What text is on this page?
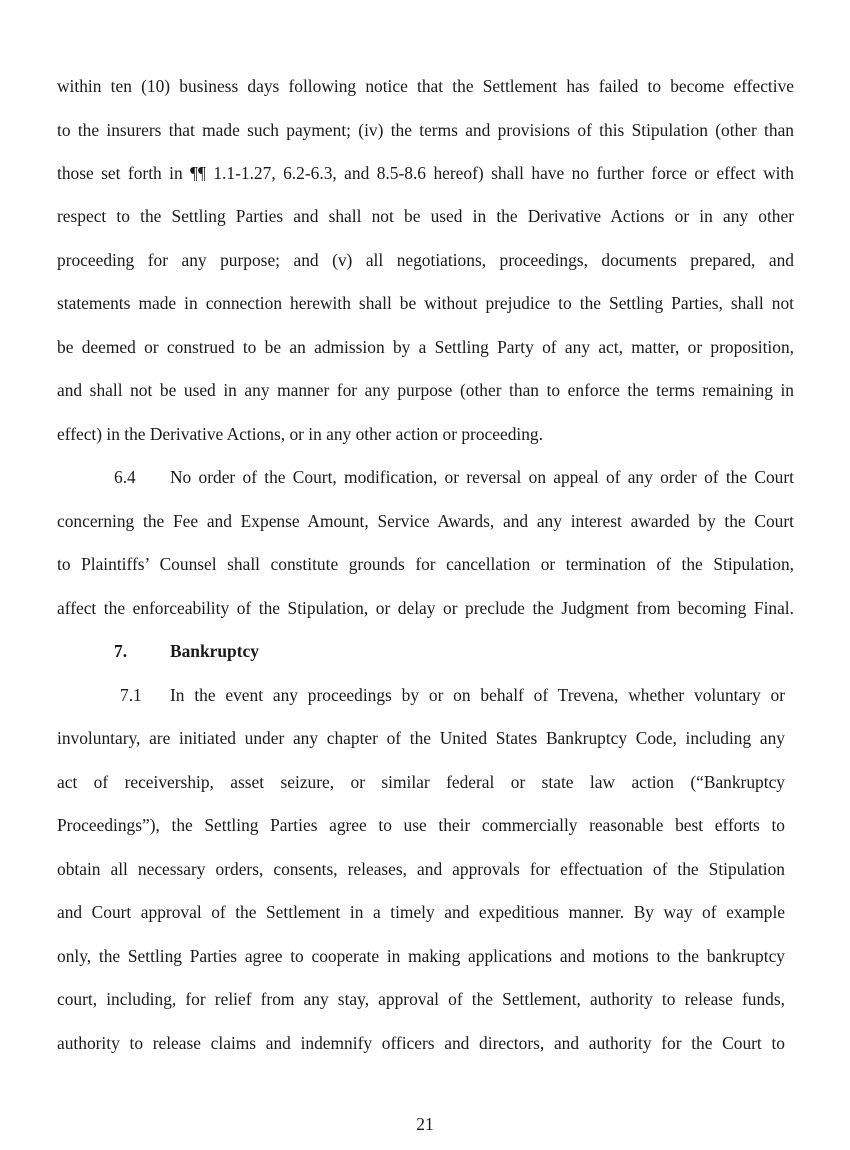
within ten (10) business days following notice that the Settlement has failed to become effective
to the insurers that made such payment; (iv) the terms and provisions of this Stipulation (other than
those set forth in ¶¶ 1.1-1.27, 6.2-6.3, and 8.5-8.6 hereof) shall have no further force or effect with
respect to the Settling Parties and shall not be used in the Derivative Actions or in any other
proceeding for any purpose; and (v) all negotiations, proceedings, documents prepared, and
statements made in connection herewith shall be without prejudice to the Settling Parties, shall not
be deemed or construed to be an admission by a Settling Party of any act, matter, or proposition,
and shall not be used in any manner for any purpose (other than to enforce the terms remaining in
effect) in the Derivative Actions, or in any other action or proceeding.
6.4 No order of the Court, modification, or reversal on appeal of any order of the Court
concerning the Fee and Expense Amount, Service Awards, and any interest awarded by the Court
to Plaintiffs’ Counsel shall constitute grounds for cancellation or termination of the Stipulation,
affect the enforceability of the Stipulation, or delay or preclude the Judgment from becoming Final.
7. Bankruptcy
7.1 In the event any proceedings by or on behalf of Trevena, whether voluntary or
involuntary, are initiated under any chapter of the United States Bankruptcy Code, including any
act of receivership, asset seizure, or similar federal or state law action (“Bankruptcy
Proceedings”), the Settling Parties agree to use their commercially reasonable best efforts to
obtain all necessary orders, consents, releases, and approvals for effectuation of the Stipulation
and Court approval of the Settlement in a timely and expeditious manner. By way of example
only, the Settling Parties agree to cooperate in making applications and motions to the bankruptcy
court, including, for relief from any stay, approval of the Settlement, authority to release funds,
authority to release claims and indemnify officers and directors, and authority for the Court to
21
